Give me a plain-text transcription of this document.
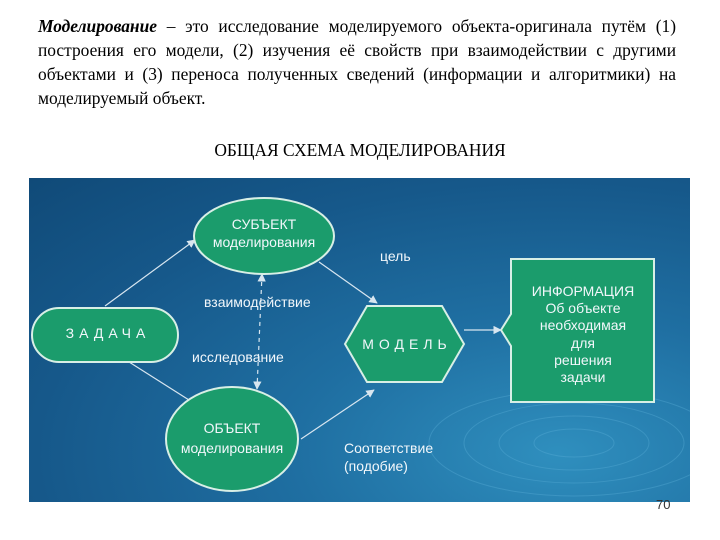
Моделирование – это исследование моделируемого объекта-оригинала путём (1) построения его модели, (2) изучения её свойств при взаимодействии с другими объектами и (3) переноса полученных сведений (информации и алгоритмики) на моделируемый объект.
ОБЩАЯ СХЕМА МОДЕЛИРОВАНИЯ
СУБЪЕКТ
моделирования
ОБЪЕКТ
моделирования
ЗАДАЧА
МОДЕЛЬ
ИНФОРМАЦИЯ
Об объекте
необходимая
для
решения
задачи
цель
взаимодействие
исследование
Соответствие
(подобие)
70
